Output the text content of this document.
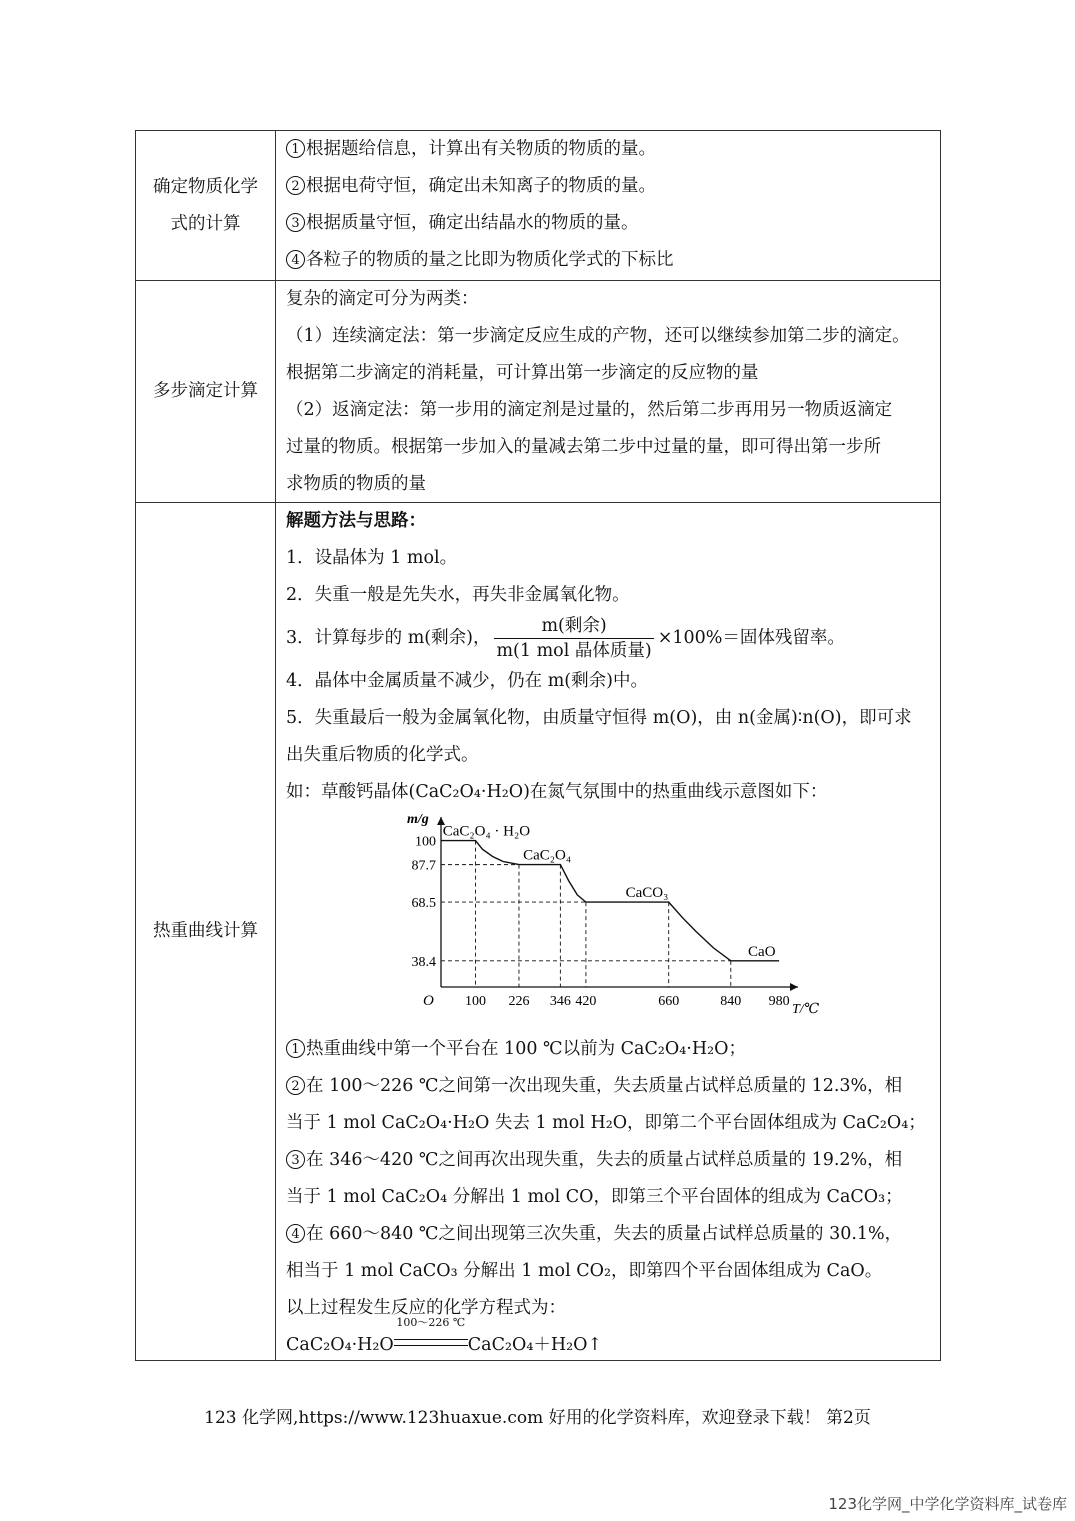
确定物质化学
式的计算
1 根据题给信息，计算出有关物质的物质的量。
2 根据电荷守恒，确定出未知离子的物质的量。
3 根据质量守恒，确定出结晶水的物质的量。
4 各粒子的物质的量之比即为物质化学式的下标比
多步滴定计算
复杂的滴定可分为两类：
（1）连续滴定法：第一步滴定反应生成的产物，还可以继续参加第二步的滴定。
根据第二步滴定的消耗量，可计算出第一步滴定的反应物的量
（2）返滴定法：第一步用的滴定剂是过量的，然后第二步再用另一物质返滴定
过量的物质。根据第一步加入的量减去第二步中过量的量，即可得出第一步所
求物质的物质的量
热重曲线计算
解题方法与思路：
1．设晶体为 1 mol。
2．失重一般是先失水，再失非金属氧化物。
3．计算每步的 m(剩余)， $\frac{\text{m(剩余)}}{\text{m(1 mol 晶体质量)}} \times 100\%=$固体残留率。
4．晶体中金属质量不减少，仍在 m(剩余)中。
5．失重最后一般为金属氧化物，由质量守恒得 m(O)，由 n(金属)∶n(O)，即可求
出失重后物质的化学式。
如：草酸钙晶体(CaC₂O₄·H₂O)在氮气氛围中的热重曲线示意图如下：
m/g
T/℃
O
100
87.7
68.5
38.4
100 226 346 420	660	840 980
CaC₂O₄ · H₂O
CaC₂O₄
CaCO₃
CaO
1 热重曲线中第一个平台在 100 ℃以前为 CaC₂O₄·H₂O；
2 在 100～226 ℃之间第一次出现失重，失去质量占试样总质量的 12.3%，相
当于 1 mol CaC₂O₄·H₂O 失去 1 mol H₂O，即第二个平台固体组成为 CaC₂O₄；
3 在 346～420 ℃之间再次出现失重，失去的质量占试样总质量的 19.2%，相
当于 1 mol CaC₂O₄ 分解出 1 mol CO，即第三个平台固体的组成为 CaCO₃；
4 在 660～840 ℃之间出现第三次失重，失去的质量占试样总质量的 30.1%，
相当于 1 mol CaCO₃ 分解出 1 mol CO₂，即第四个平台固体组成为 CaO。
以上过程发生反应的化学方程式为：
CaC₂O₄·H₂O
100～226 ℃
CaC₂O₄＋H₂O↑
123 化学网,https://www.123huaxue.com 好用的化学资料库，欢迎登录下载！ 第2页
123化学网_中学化学资料库_试卷库
